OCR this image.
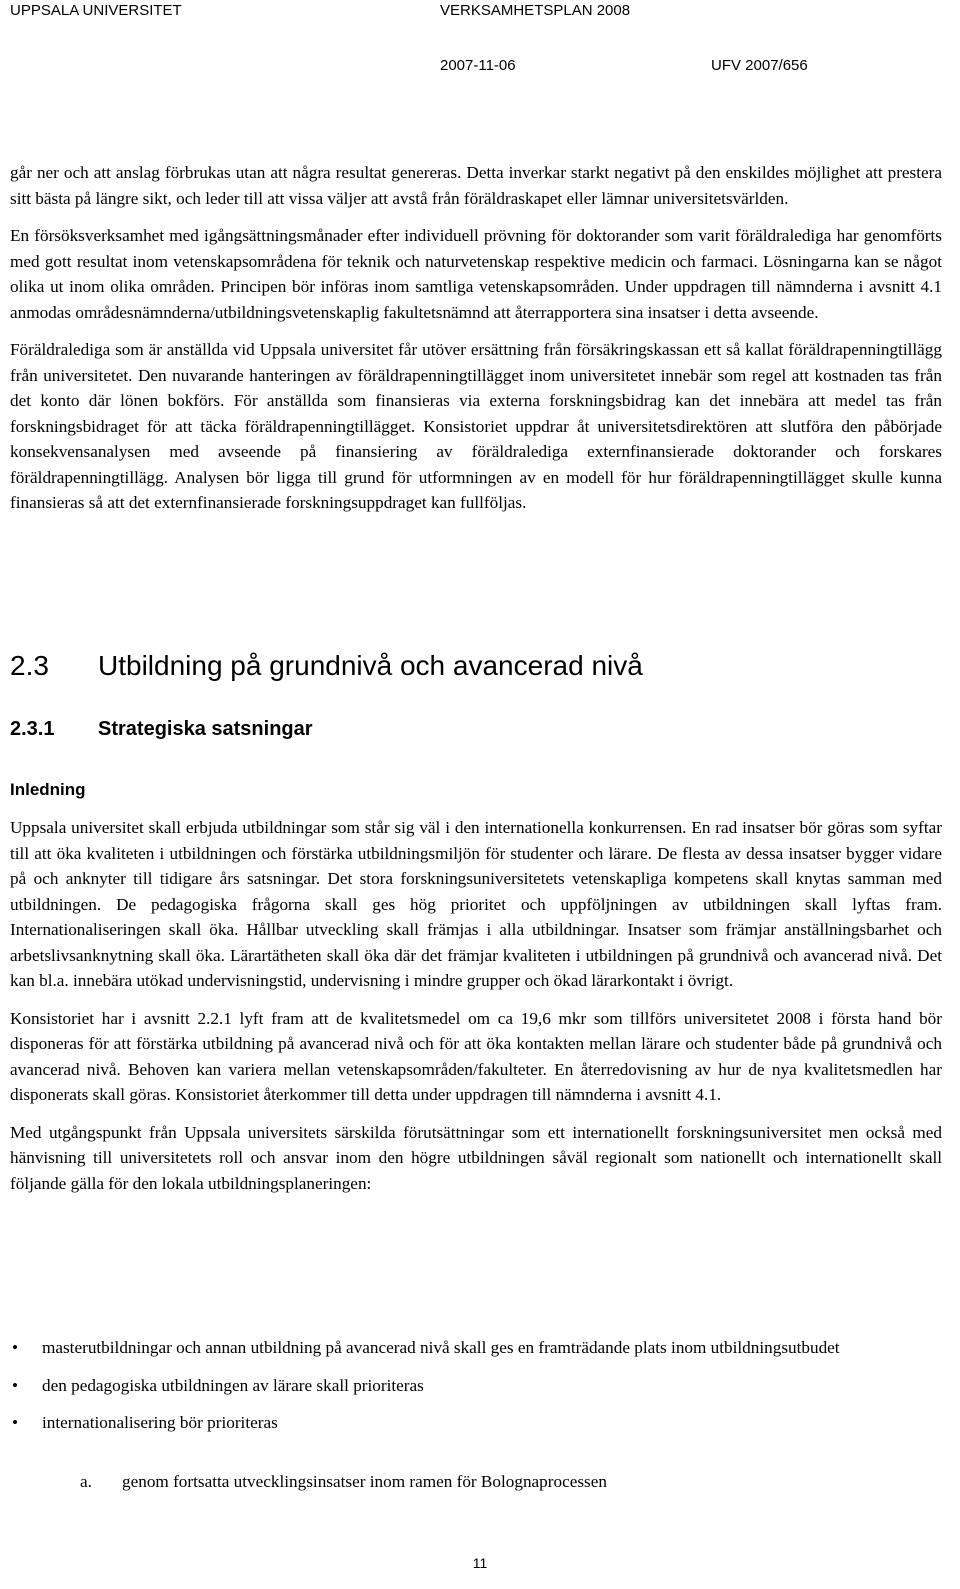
UPPSALA UNIVERSITET	VERKSAMHETSPLAN 2008
2007-11-06	UFV 2007/656

går ner och att anslag förbrukas utan att några resultat genereras. Detta inverkar starkt negativt på den enskildes möjlighet att prestera sitt bästa på längre sikt, och leder till att vissa väljer att avstå från föräldraskapet eller lämnar universitetsvärlden.

En försöksverksamhet med igångsättningsmånader efter individuell prövning för doktorander som varit föräldralediga har genomförts med gott resultat inom vetenskapsområdena för teknik och naturvetenskap respektive medicin och farmaci. Lösningarna kan se något olika ut inom olika områden. Principen bör införas inom samtliga vetenskapsområden. Under uppdragen till nämnderna i avsnitt 4.1 anmodas områdesnämnderna/utbildningsvetenskaplig fakultetsnämnd att återrapportera sina insatser i detta avseende.

Föräldralediga som är anställda vid Uppsala universitet får utöver ersättning från försäkringskassan ett så kallat föräldrapenningtillägg från universitetet. Den nuvarande hanteringen av föräldrapenningtillägget inom universitetet innebär som regel att kostnaden tas från det konto där lönen bokförs. För anställda som finansieras via externa forskningsbidrag kan det innebära att medel tas från forskningsbidraget för att täcka föräldrapenningtillägget. Konsistoriet uppdrar åt universitetsdirektören att slutföra den påbörjade konsekvensanalysen med avseende på finansiering av föräldralediga externfinansierade doktorander och forskares föräldrapenningtillägg. Analysen bör ligga till grund för utformningen av en modell för hur föräldrapenningtillägget skulle kunna finansieras så att det externfinansierade forskningsuppdraget kan fullföljas.

2.3 Utbildning på grundnivå och avancerad nivå
2.3.1 Strategiska satsningar
Inledning

Uppsala universitet skall erbjuda utbildningar som står sig väl i den internationella konkurrensen. En rad insatser bör göras som syftar till att öka kvaliteten i utbildningen och förstärka utbildningsmiljön för studenter och lärare. De flesta av dessa insatser bygger vidare på och anknyter till tidigare års satsningar. Det stora forskningsuniversitetets vetenskapliga kompetens skall knytas samman med utbildningen. De pedagogiska frågorna skall ges hög prioritet och uppföljningen av utbildningen skall lyftas fram. Internationaliseringen skall öka. Hållbar utveckling skall främjas i alla utbildningar. Insatser som främjar anställningsbarhet och arbetslivsanknytning skall öka. Lärartätheten skall öka där det främjar kvaliteten i utbildningen på grundnivå och avancerad nivå. Det kan bl.a. innebära utökad undervisningstid, undervisning i mindre grupper och ökad lärarkontakt i övrigt.

Konsistoriet har i avsnitt 2.2.1 lyft fram att de kvalitetsmedel om ca 19,6 mkr som tillförs universitetet 2008 i första hand bör disponeras för att förstärka utbildning på avancerad nivå och för att öka kontakten mellan lärare och studenter både på grundnivå och avancerad nivå. Behoven kan variera mellan vetenskapsområden/fakulteter. En återredovisning av hur de nya kvalitetsmedlen har disponerats skall göras. Konsistoriet återkommer till detta under uppdragen till nämnderna i avsnitt 4.1.

Med utgångspunkt från Uppsala universitets särskilda förutsättningar som ett internationellt forskningsuniversitet men också med hänvisning till universitetets roll och ansvar inom den högre utbildningen såväl regionalt som nationellt och internationellt skall följande gälla för den lokala utbildningsplaneringen:

• masterutbildningar och annan utbildning på avancerad nivå skall ges en framträdande plats inom utbildningsutbudet
• den pedagogiska utbildningen av lärare skall prioriteras
• internationalisering bör prioriteras
a. genom fortsatta utvecklingsinsatser inom ramen för Bolognaprocessen
11
